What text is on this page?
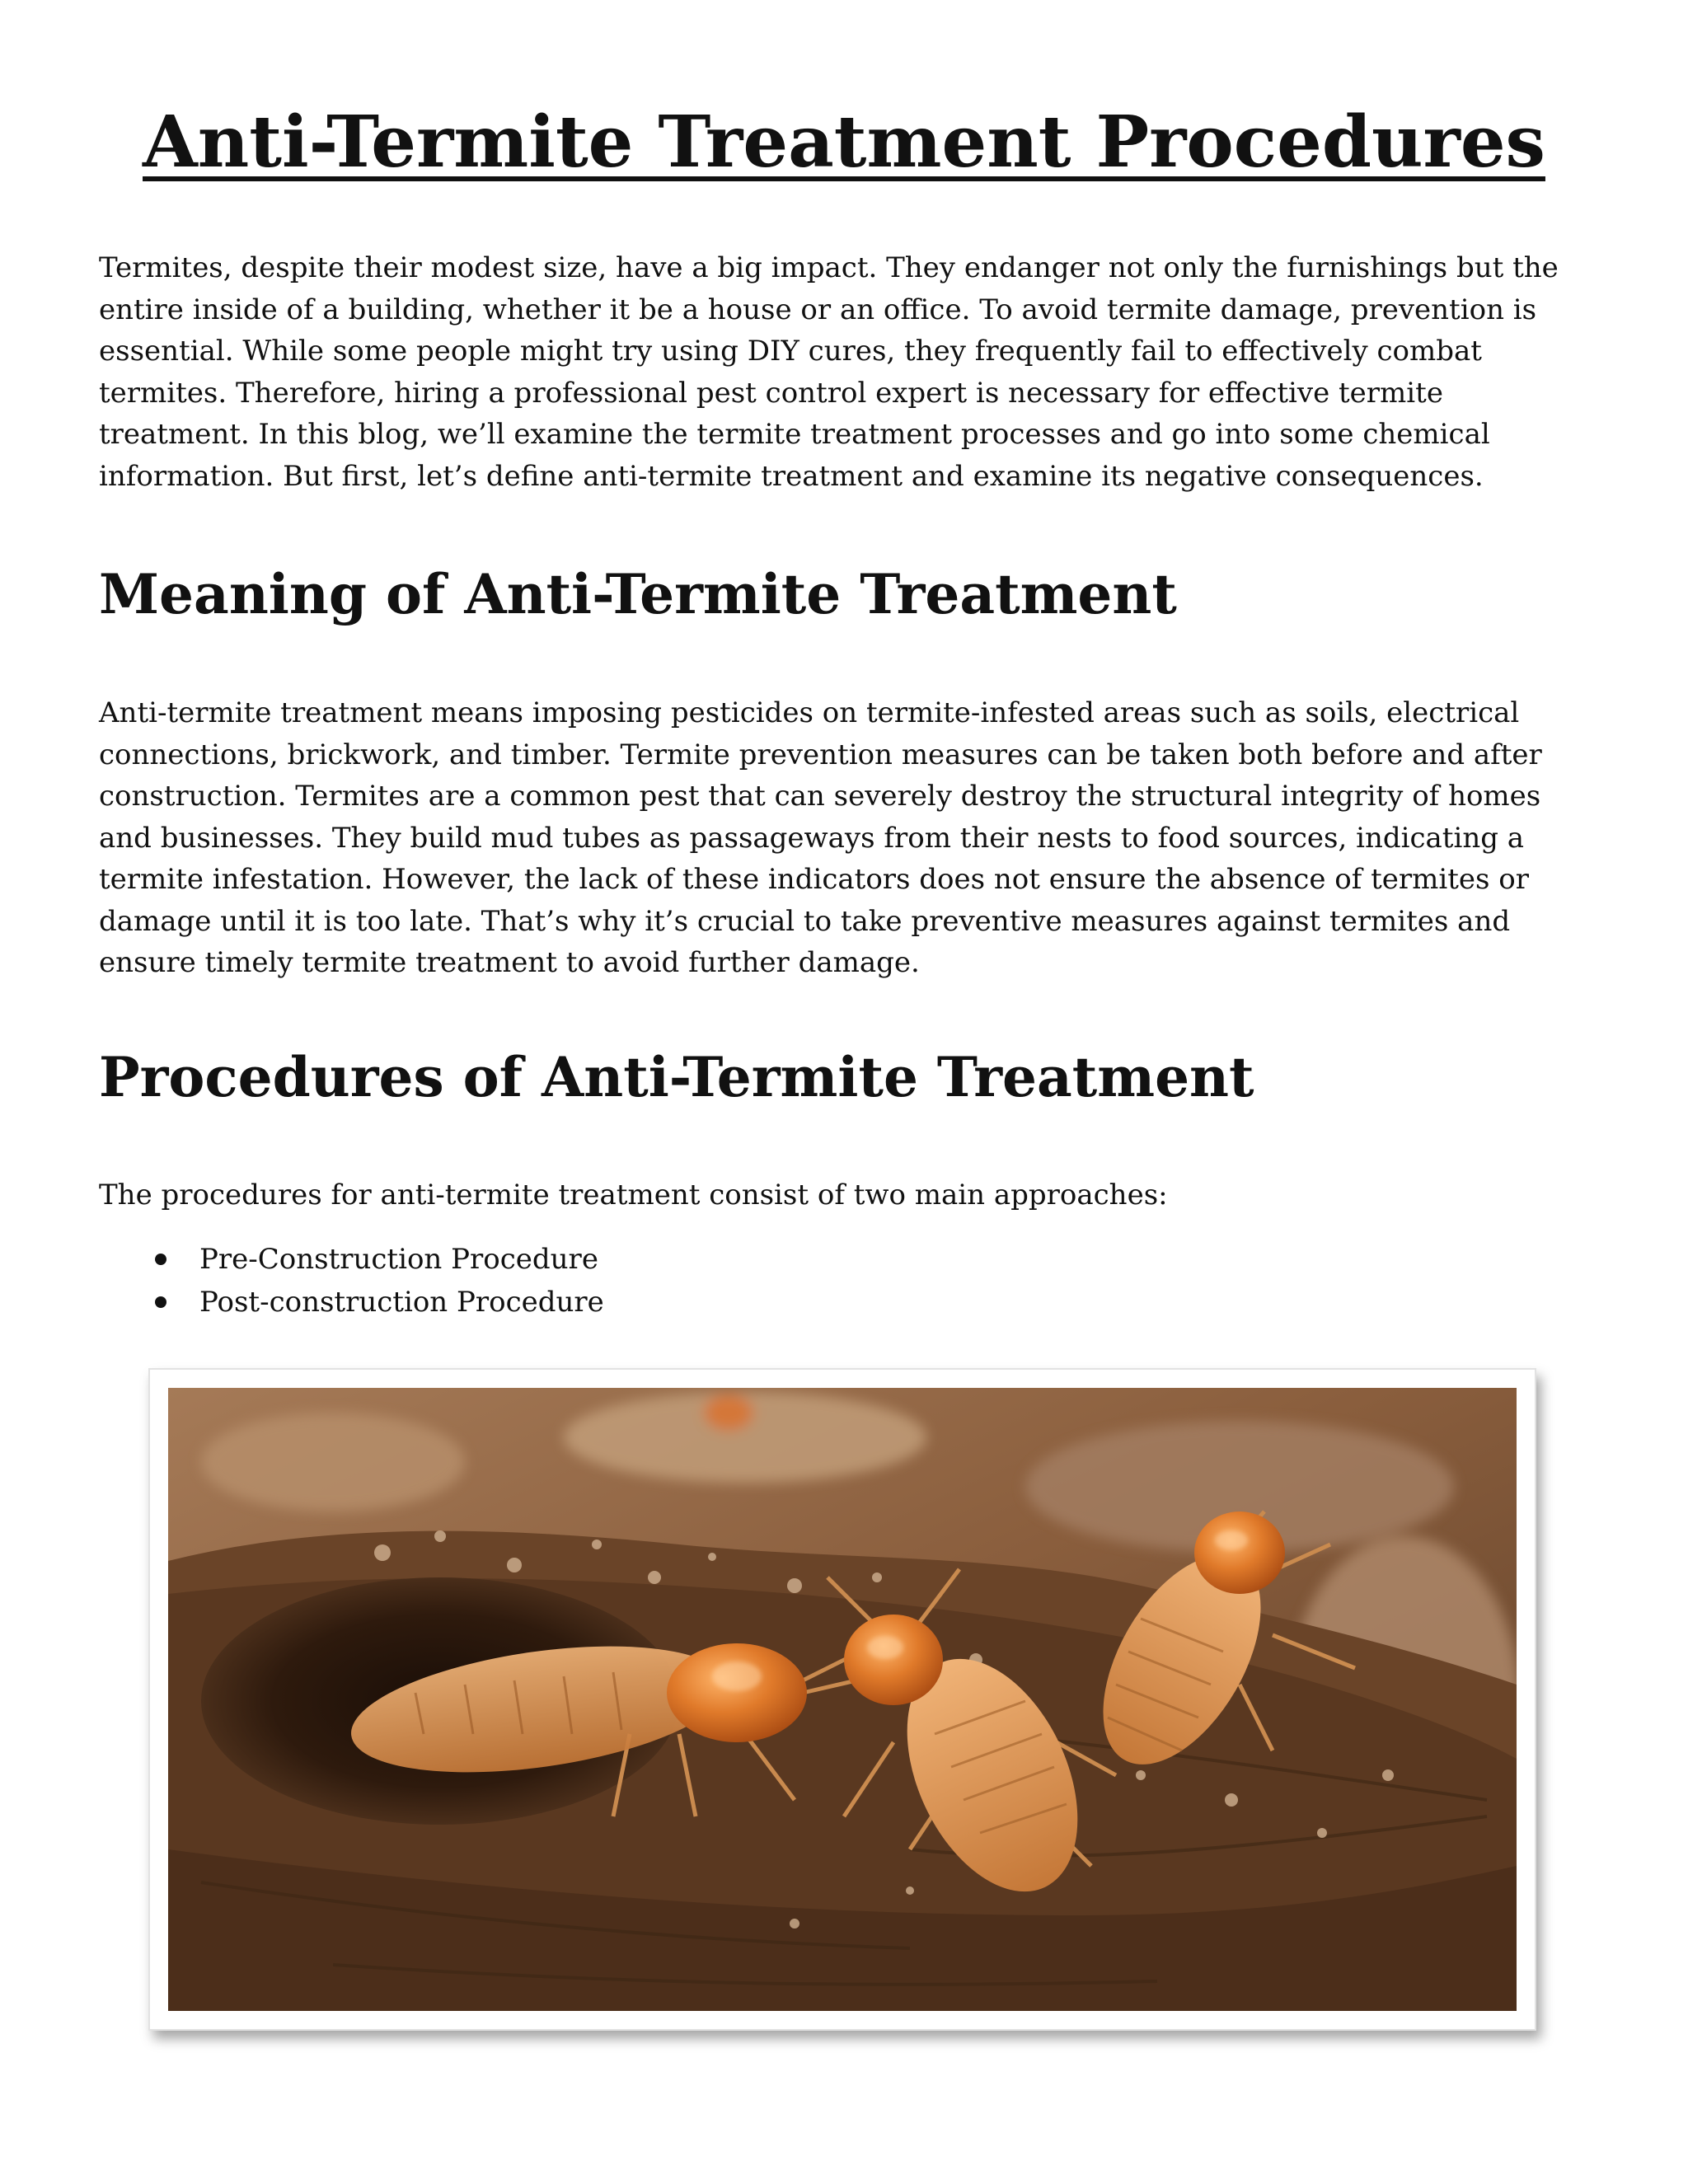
Anti-Termite Treatment Procedures

Termites, despite their modest size, have a big impact. They endanger not only the furnishings but the entire inside of a building, whether it be a house or an office. To avoid termite damage, prevention is essential. While some people might try using DIY cures, they frequently fail to effectively combat termites. Therefore, hiring a professional pest control expert is necessary for effective termite treatment. In this blog, we’ll examine the termite treatment processes and go into some chemical information. But first, let’s define anti-termite treatment and examine its negative consequences.

Meaning of Anti-Termite Treatment

Anti-termite treatment means imposing pesticides on termite-infested areas such as soils, electrical connections, brickwork, and timber. Termite prevention measures can be taken both before and after construction. Termites are a common pest that can severely destroy the structural integrity of homes and businesses. They build mud tubes as passageways from their nests to food sources, indicating a termite infestation. However, the lack of these indicators does not ensure the absence of termites or damage until it is too late. That’s why it’s crucial to take preventive measures against termites and ensure timely termite treatment to avoid further damage.

Procedures of Anti-Termite Treatment

The procedures for anti-termite treatment consist of two main approaches:

Pre-Construction Procedure
Post-construction Procedure
